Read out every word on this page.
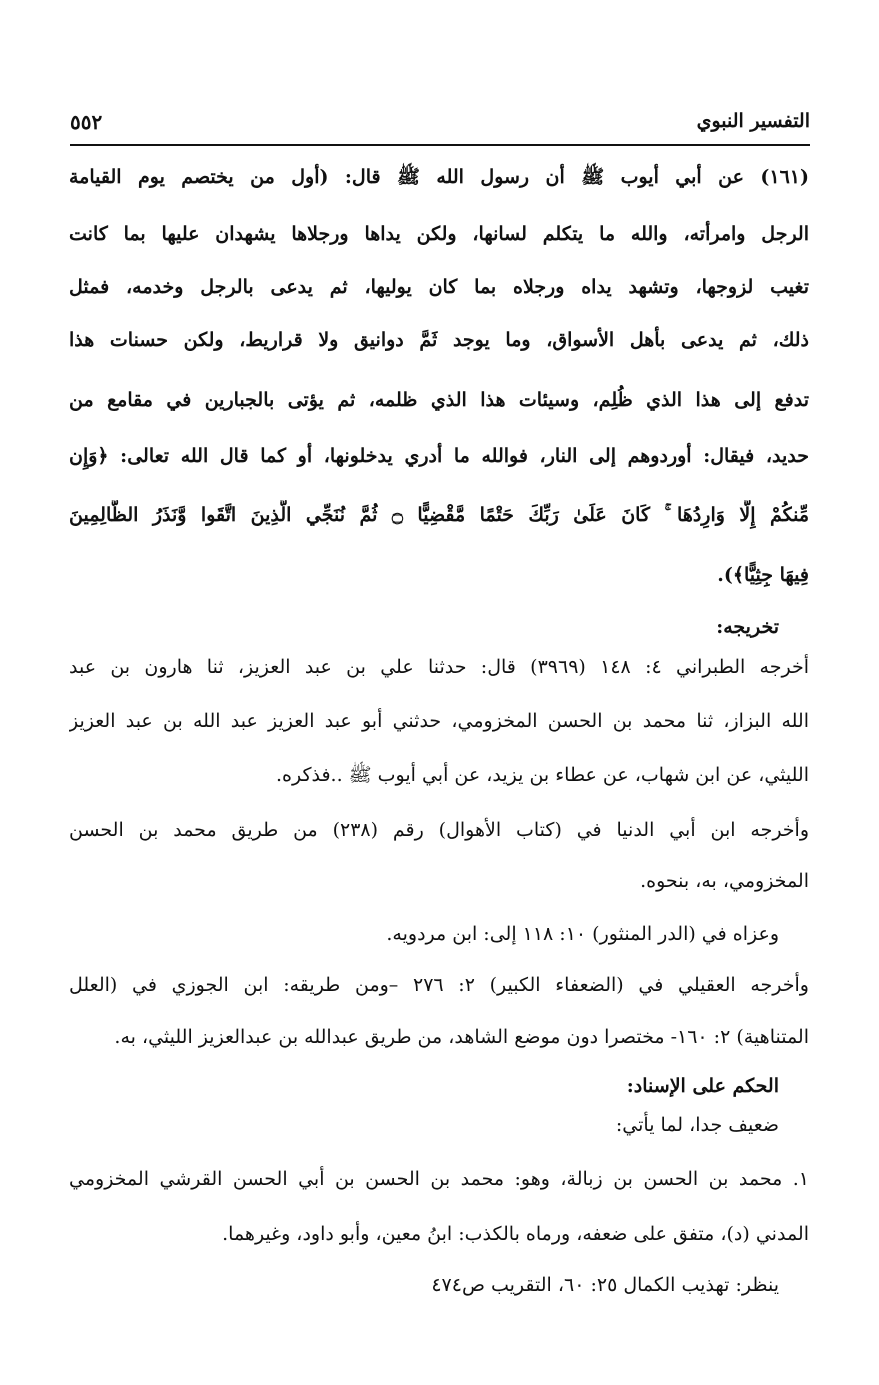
التفسير النبوي
٥٥٢
(١٦١) عن أبي أيوب ﷺ أن رسول الله ﷺ قال: (أول من يختصم يوم القيامة
الرجل وامرأته، والله ما يتكلم لسانها، ولكن يداها ورجلاها يشهدان عليها بما كانت
تغيب لزوجها، وتشهد يداه ورجلاه بما كان يوليها، ثم يدعى بالرجل وخدمه، فمثل
ذلك، ثم يدعى بأهل الأسواق، وما يوجد ثَمَّ دوانيق ولا قراريط، ولكن حسنات هذا
تدفع إلى هذا الذي ظُلِم، وسيئات هذا الذي ظلمه، ثم يؤتى بالجبارين في مقامع من
حديد، فيقال: أوردوهم إلى النار، فوالله ما أدري يدخلونها، أو كما قال الله تعالى: ﴿وَإِن
مِّنكُمْ إِلَّا وَارِدُهَا ۚ كَانَ عَلَىٰ رَبِّكَ حَتْمًا مَّقْضِيًّا ۝ ثُمَّ نُنَجِّي الَّذِينَ اتَّقَوا وَّنَذَرُ الظَّالِمِينَ
فِيهَا جِثِيًّا﴾).
تخريجه:
أخرجه الطبراني ٤: ١٤٨ (٣٩٦٩) قال: حدثنا علي بن عبد العزيز، ثنا هارون بن عبد
الله البزاز، ثنا محمد بن الحسن المخزومي، حدثني أبو عبد العزيز عبد الله بن عبد العزيز
الليثي، عن ابن شهاب، عن عطاء بن يزيد، عن أبي أيوب ﷺ ..فذكره.
وأخرجه ابن أبي الدنيا في (كتاب الأهوال) رقم (٢٣٨) من طريق محمد بن الحسن
المخزومي، به، بنحوه.
وعزاه في (الدر المنثور) ١٠: ١١٨ إلى: ابن مردويه.
وأخرجه العقيلي في (الضعفاء الكبير) ٢: ٢٧٦ –ومن طريقه: ابن الجوزي في (العلل
المتناهية) ٢: ١٦٠- مختصرا دون موضع الشاهد، من طريق عبدالله بن عبدالعزيز الليثي، به.
الحكم على الإسناد:
ضعيف جدا، لما يأتي:
١. محمد بن الحسن بن زبالة، وهو: محمد بن الحسن بن أبي الحسن القرشي المخزومي
المدني (د)، متفق على ضعفه، ورماه بالكذب: ابنُ معين، وأبو داود، وغيرهما.
ينظر: تهذيب الكمال ٢٥: ٦٠، التقريب ص٤٧٤
